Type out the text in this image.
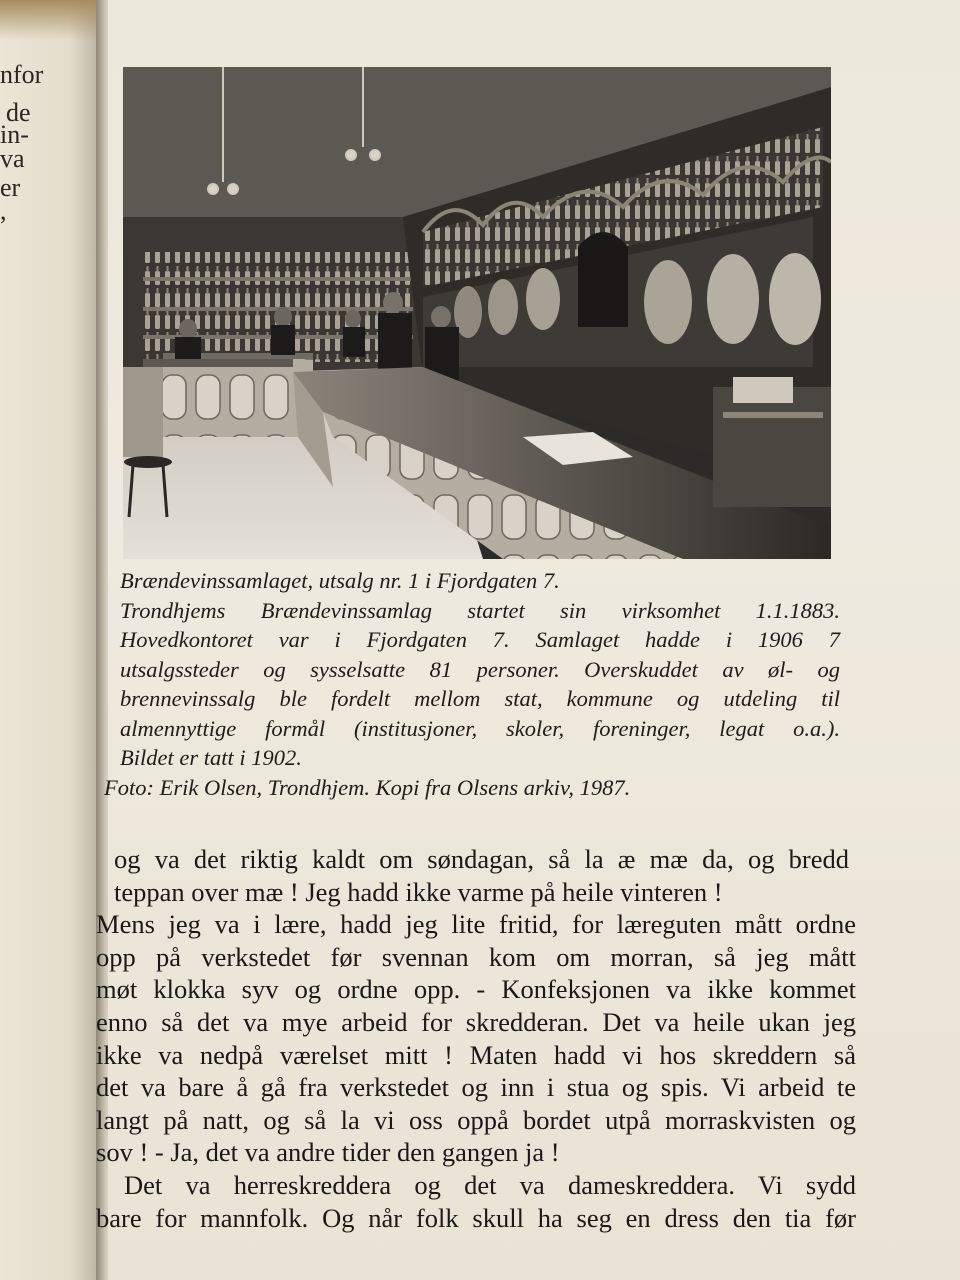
nfor
de
in-
va
er
,
Brændevinssamlaget, utsalg nr. 1 i Fjordgaten 7.
Trondhjems Brændevinssamlag startet sin virksomhet 1.1.1883.
Hovedkontoret var i Fjordgaten 7. Samlaget hadde i 1906 7
utsalgssteder og sysselsatte 81 personer. Overskuddet av øl- og
brennevinssalg ble fordelt mellom stat, kommune og utdeling til
almennyttige formål (institusjoner, skoler, foreninger, legat o.a.).
Bildet er tatt i 1902.
Foto: Erik Olsen, Trondhjem. Kopi fra Olsens arkiv, 1987.
og va det riktig kaldt om søndagan, så la æ mæ da, og bredd
teppan over mæ ! Jeg hadd ikke varme på heile vinteren !
Mens jeg va i lære, hadd jeg lite fritid, for læreguten mått ordne
opp på verkstedet før svennan kom om morran, så jeg mått
møt klokka syv og ordne opp. - Konfeksjonen va ikke kommet
enno så det va mye arbeid for skredderan. Det va heile ukan jeg
ikke va nedpå værelset mitt ! Maten hadd vi hos skreddern så
det va bare å gå fra verkstedet og inn i stua og spis. Vi arbeid te
langt på natt, og så la vi oss oppå bordet utpå morraskvisten og
sov ! - Ja, det va andre tider den gangen ja !
Det va herreskreddera og det va dameskreddera. Vi sydd
bare for mannfolk. Og når folk skull ha seg en dress den tia før
